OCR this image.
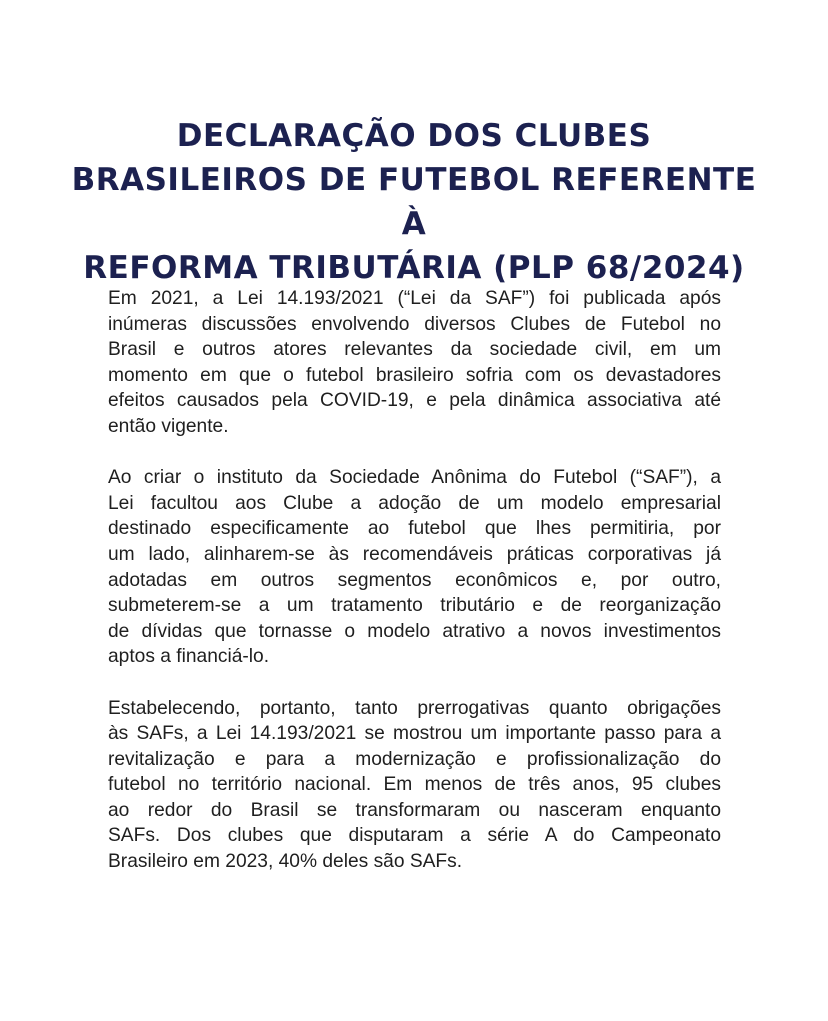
DECLARAÇÃO DOS CLUBES
BRASILEIROS DE FUTEBOL REFERENTE À
REFORMA TRIBUTÁRIA (PLP 68/2024)

Em 2021, a Lei 14.193/2021 (“Lei da SAF”) foi publicada após
inúmeras discussões envolvendo diversos Clubes de Futebol no
Brasil e outros atores relevantes da sociedade civil, em um
momento em que o futebol brasileiro sofria com os devastadores
efeitos causados pela COVID-19, e pela dinâmica associativa até
então vigente.

Ao criar o instituto da Sociedade Anônima do Futebol (“SAF”), a
Lei facultou aos Clube a adoção de um modelo empresarial
destinado especificamente ao futebol que lhes permitiria, por
um lado, alinharem-se às recomendáveis práticas corporativas já
adotadas em outros segmentos econômicos e, por outro,
submeterem-se a um tratamento tributário e de reorganização
de dívidas que tornasse o modelo atrativo a novos investimentos
aptos a financiá-lo.

Estabelecendo, portanto, tanto prerrogativas quanto obrigações
às SAFs, a Lei 14.193/2021 se mostrou um importante passo para a
revitalização e para a modernização e profissionalização do
futebol no território nacional. Em menos de três anos, 95 clubes
ao redor do Brasil se transformaram ou nasceram enquanto
SAFs. Dos clubes que disputaram a série A do Campeonato
Brasileiro em 2023, 40% deles são SAFs.
